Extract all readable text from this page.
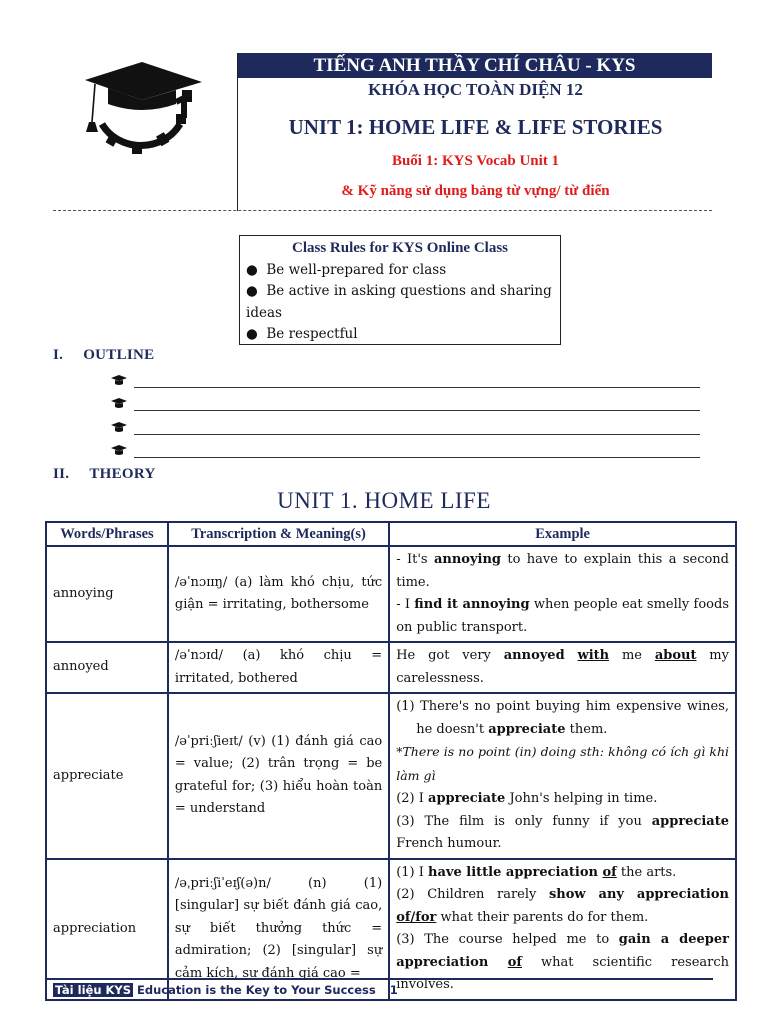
TIẾNG ANH THẦY CHÍ CHÂU - KYS
KHÓA HỌC TOÀN DIỆN 12
UNIT 1: HOME LIFE & LIFE STORIES
Buổi 1: KYS Vocab Unit 1
& Kỹ năng sử dụng bảng từ vựng/ từ điển
Class Rules for KYS Online Class
●  Be well-prepared for class
●  Be active in asking questions and sharing ideas
●  Be respectful
I. OUTLINE
II. THEORY
UNIT 1. HOME LIFE
Words/Phrases	Transcription & Meaning(s)	Example
annoying	/əˈnɔɪɪŋ/ (a) làm khó chịu, tức giận = irritating, bothersome	- It's annoying to have to explain this a second time.
- I find it annoying when people eat smelly foods on public transport.
annoyed	/əˈnɔɪd/ (a) khó chịu = irritated, bothered	He got very annoyed with me about my carelessness.
appreciate	/əˈpriːʃieɪt/ (v) (1) đánh giá cao = value; (2) trân trọng = be grateful for; (3) hiểu hoàn toàn = understand	(1) There's no point buying him expensive wines, he doesn't appreciate them.
*There is no point (in) doing sth: không có ích gì khi làm gì
(2) I appreciate John's helping in time.
(3) The film is only funny if you appreciate French humour.
appreciation	/əˌpriːʃiˈeɪʃ(ə)n/ (n) (1) [singular] sự biết đánh giá cao, sự biết thưởng thức = admiration; (2) [singular] sự cảm kích, sự đánh giá cao =	(1) I have little appreciation of the arts.
(2) Children rarely show any appreciation of/for what their parents do for them.
(3) The course helped me to gain a deeper appreciation of what scientific research involves.
Tài liệu KYS Education is the Key to Your Success 1
